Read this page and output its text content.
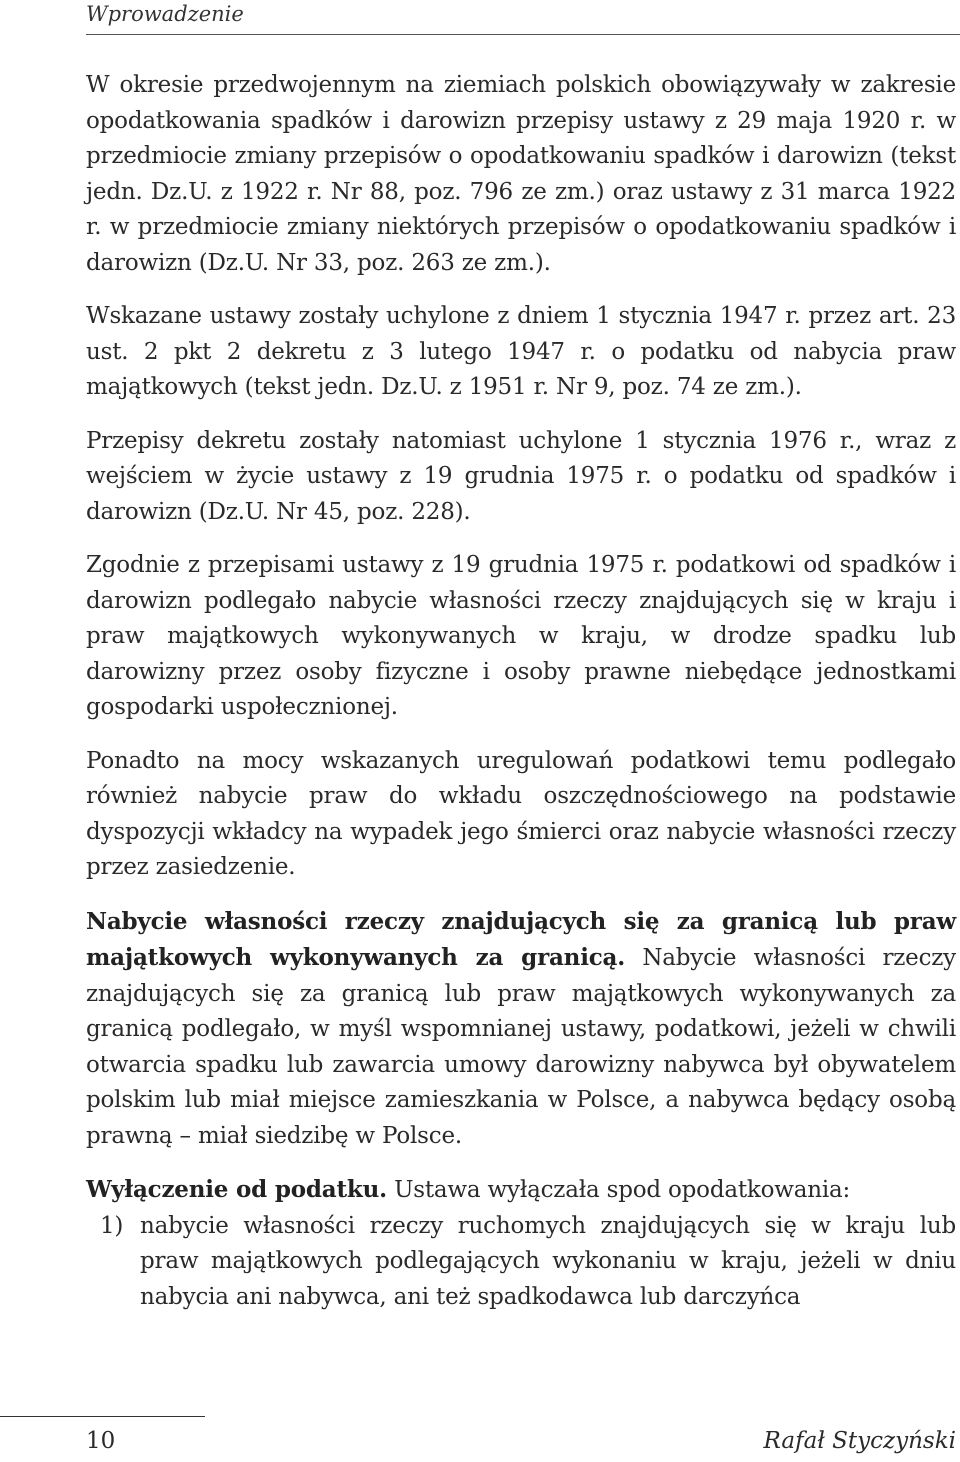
Wprowadzenie

W okresie przedwojennym na ziemiach polskich obowiązywały w zakresie opodatkowania spadków i darowizn przepisy ustawy z 29 maja 1920 r. w przedmiocie zmiany przepisów o opodatkowaniu spadków i darowizn (tekst jedn. Dz.U. z 1922 r. Nr 88, poz. 796 ze zm.) oraz ustawy z 31 marca 1922 r. w przedmiocie zmiany niektórych przepisów o opodatkowaniu spadków i darowizn (Dz.U. Nr 33, poz. 263 ze zm.).

Wskazane ustawy zostały uchylone z dniem 1 stycznia 1947 r. przez art. 23 ust. 2 pkt 2 dekretu z 3 lutego 1947 r. o podatku od nabycia praw majątkowych (tekst jedn. Dz.U. z 1951 r. Nr 9, poz. 74 ze zm.).

Przepisy dekretu zostały natomiast uchylone 1 stycznia 1976 r., wraz z wejściem w życie ustawy z 19 grudnia 1975 r. o podatku od spadków i darowizn (Dz.U. Nr 45, poz. 228).

Zgodnie z przepisami ustawy z 19 grudnia 1975 r. podatkowi od spadków i darowizn podlegało nabycie własności rzeczy znajdujących się w kraju i praw majątkowych wykonywanych w kraju, w drodze spadku lub darowizny przez osoby fizyczne i osoby prawne niebędące jednostkami gospodarki uspołecznionej.

Ponadto na mocy wskazanych uregulowań podatkowi temu podlegało również nabycie praw do wkładu oszczędnościowego na podstawie dyspozycji wkładcy na wypadek jego śmierci oraz nabycie własności rzeczy przez zasiedzenie.

Nabycie własności rzeczy znajdujących się za granicą lub praw majątkowych wykonywanych za granicą. Nabycie własności rzeczy znajdujących się za granicą lub praw majątkowych wykonywanych za granicą podlegało, w myśl wspomnianej ustawy, podatkowi, jeżeli w chwili otwarcia spadku lub zawarcia umowy darowizny nabywca był obywatelem polskim lub miał miejsce zamieszkania w Polsce, a nabywca będący osobą prawną – miał siedzibę w Polsce.

Wyłączenie od podatku. Ustawa wyłączała spod opodatkowania:

1) nabycie własności rzeczy ruchomych znajdujących się w kraju lub praw majątkowych podlegających wykonaniu w kraju, jeżeli w dniu nabycia ani nabywca, ani też spadkodawca lub darczyńca
10	Rafał Styczyński
